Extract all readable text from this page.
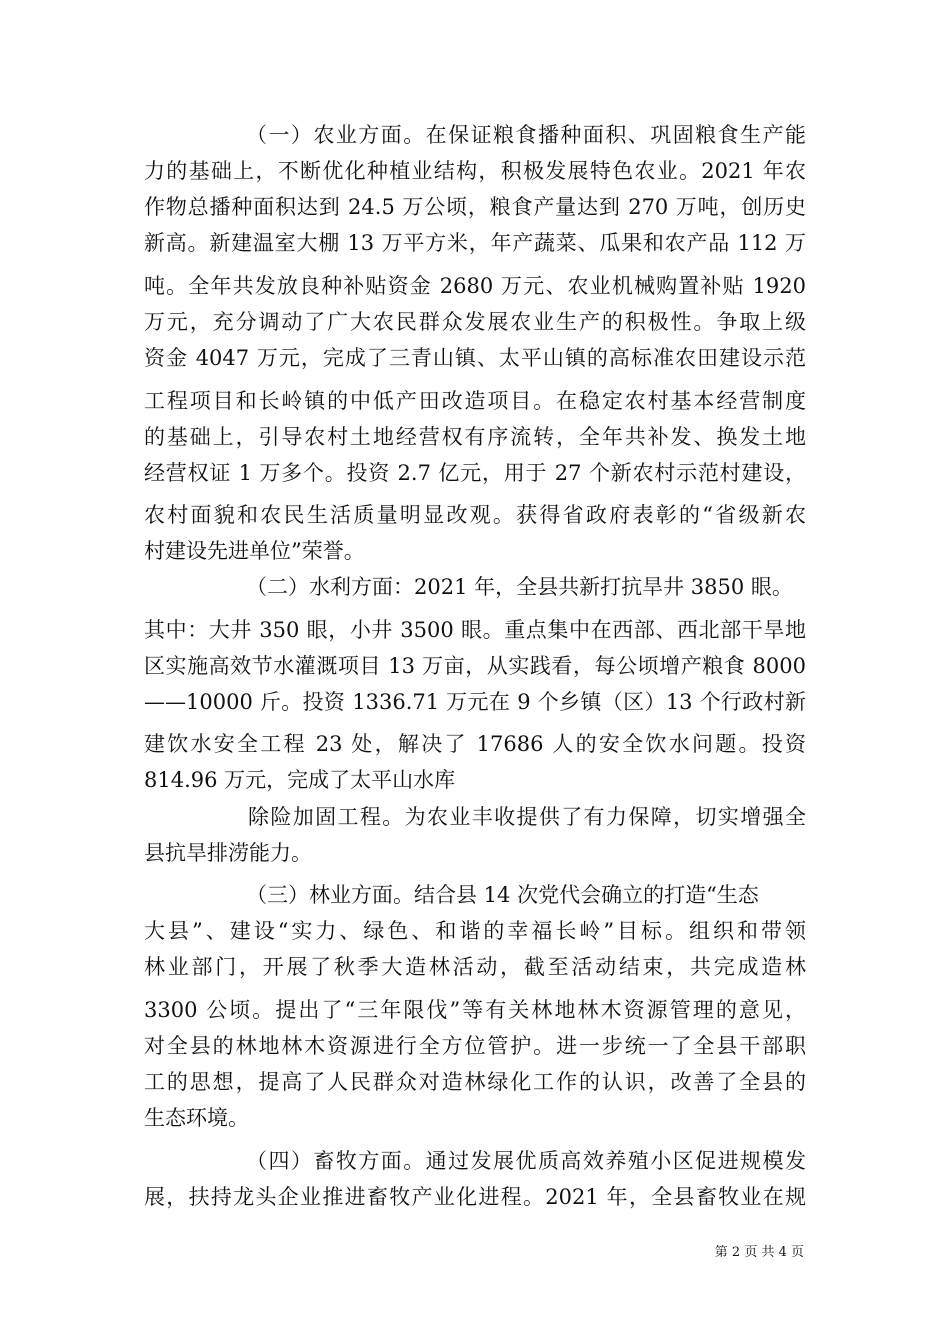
（一）农业方面。在保证粮食播种面积、巩固粮食生产能
力的基础上，不断优化种植业结构，积极发展特色农业。2021 年农
作物总播种面积达到 24.5 万公顷，粮食产量达到 270 万吨，创历史
新高。新建温室大棚 13 万平方米，年产蔬菜、瓜果和农产品 112 万
吨。全年共发放良种补贴资金 2680 万元、农业机械购置补贴 1920
万元，充分调动了广大农民群众发展农业生产的积极性。争取上级
资金 4047 万元，完成了三青山镇、太平山镇的高标准农田建设示范
工程项目和长岭镇的中低产田改造项目。在稳定农村基本经营制度
的基础上，引导农村土地经营权有序流转，全年共补发、换发土地
经营权证 1 万多个。投资 2.7 亿元，用于 27 个新农村示范村建设，
农村面貌和农民生活质量明显改观。获得省政府表彰的“省级新农
村建设先进单位”荣誉。
（二）水利方面：2021 年，全县共新打抗旱井 3850 眼。
其中：大井 350 眼，小井 3500 眼。重点集中在西部、西北部干旱地
区实施高效节水灌溉项目 13 万亩，从实践看，每公顷增产粮食 8000
——10000 斤。投资 1336.71 万元在 9 个乡镇（区）13 个行政村新
建饮水安全工程 23 处，解决了 17686 人的安全饮水问题。投资
814.96 万元，完成了太平山水库
除险加固工程。为农业丰收提供了有力保障，切实增强全
县抗旱排涝能力。
（三）林业方面。结合县 14 次党代会确立的打造“生态
大县”、建设“实力、绿色、和谐的幸福长岭”目标。组织和带领
林业部门，开展了秋季大造林活动，截至活动结束，共完成造林
3300 公顷。提出了“三年限伐”等有关林地林木资源管理的意见，
对全县的林地林木资源进行全方位管护。进一步统一了全县干部职
工的思想，提高了人民群众对造林绿化工作的认识，改善了全县的
生态环境。
（四）畜牧方面。通过发展优质高效养殖小区促进规模发
展，扶持龙头企业推进畜牧产业化进程。2021 年，全县畜牧业在规
第 2 页 共 4 页
